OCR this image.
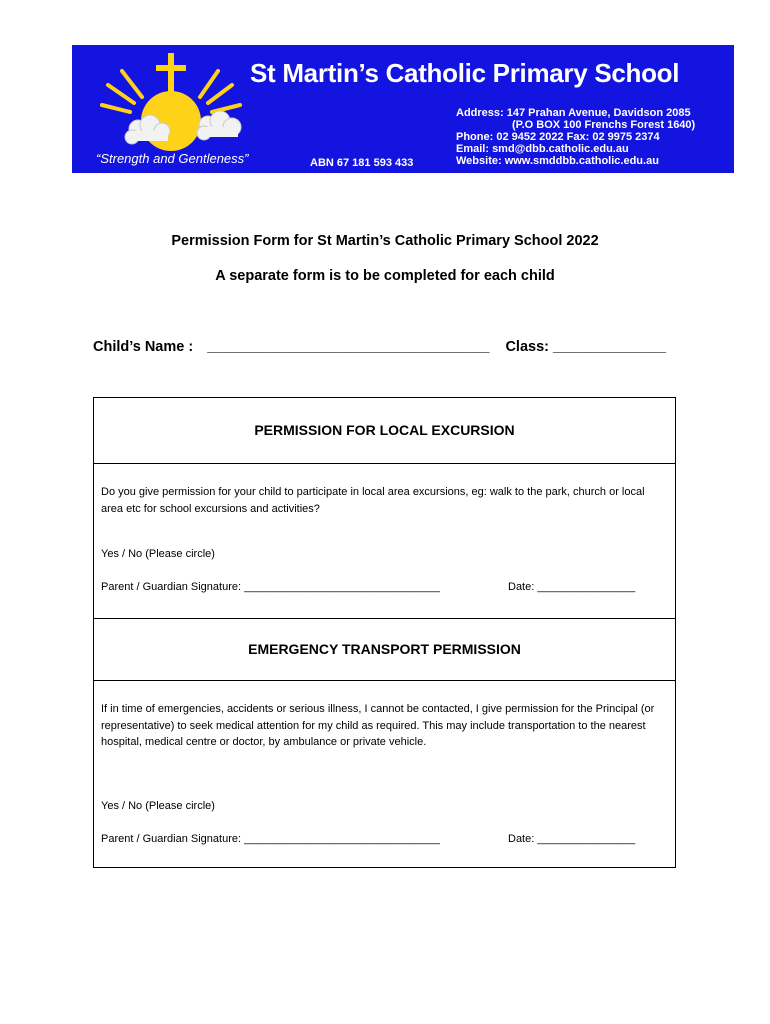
St Martin’s Catholic Primary School
“Strength and Gentleness”	ABN 67 181 593 433
Address: 147 Prahan Avenue, Davidson 2085
(P.O BOX 100 Frenchs Forest 1640)
Phone: 02 9452 2022 Fax: 02 9975 2374
Email: smd@dbb.catholic.edu.au
Website: www.smddbb.catholic.edu.au
Permission Form for St Martin’s Catholic Primary School 2022
A separate form is to be completed for each child
Child’s Name : ___________________________________ Class: ______________
PERMISSION FOR LOCAL EXCURSION
Do you give permission for your child to participate in local area excursions, eg: walk to the park, church or local area etc for school excursions and activities?
Yes / No (Please circle)
Parent / Guardian Signature: ________________________________	Date: ________________
EMERGENCY TRANSPORT PERMISSION
If in time of emergencies, accidents or serious illness, I cannot be contacted, I give permission for the Principal (or representative) to seek medical attention for my child as required. This may include transportation to the nearest hospital, medical centre or doctor, by ambulance or private vehicle.
Yes / No (Please circle)
Parent / Guardian Signature: ________________________________	Date: ________________
